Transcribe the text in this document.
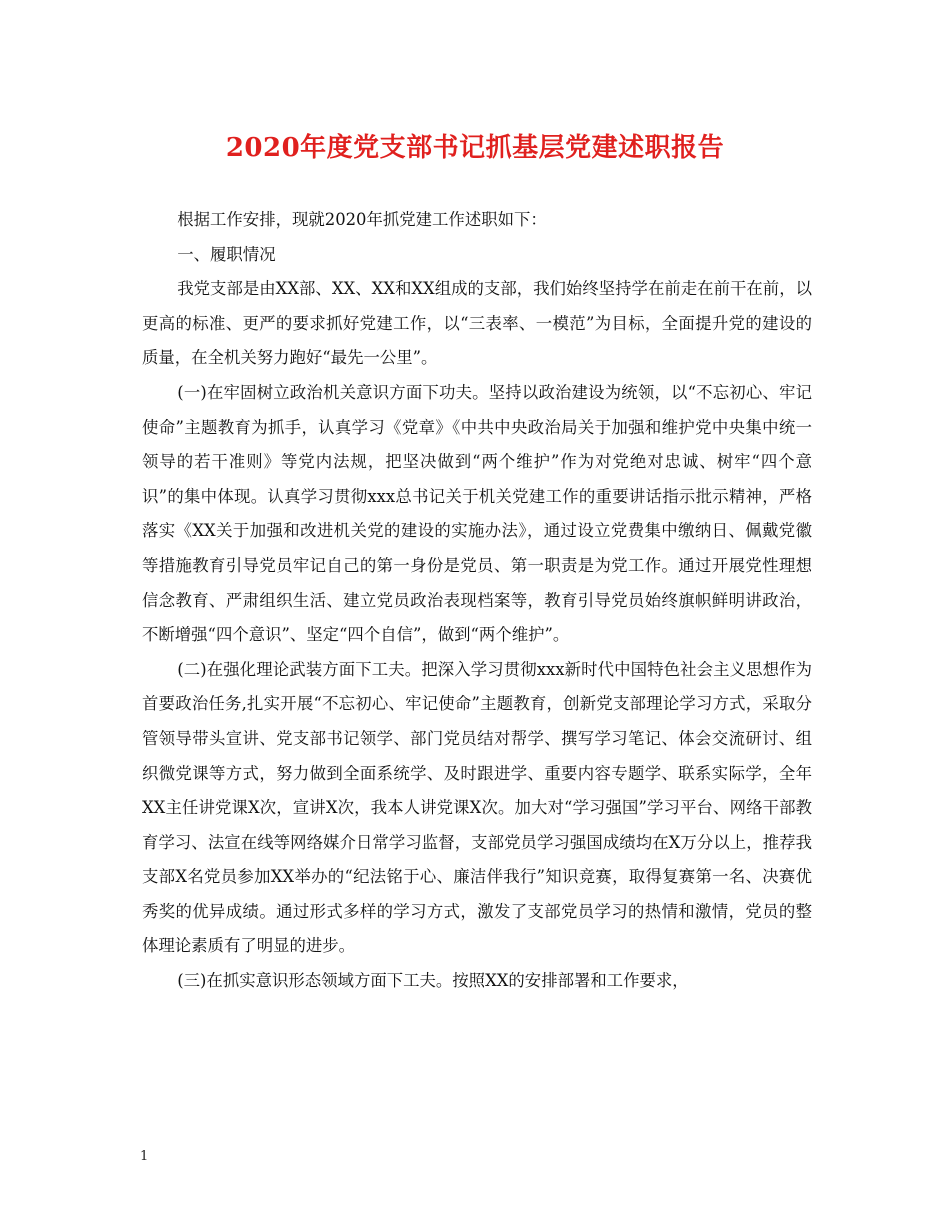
2020年度党支部书记抓基层党建述职报告

根据工作安排，现就2020年抓党建工作述职如下：

一、履职情况

我党支部是由XX部、XX、XX和XX组成的支部，我们始终坚持学在前走在前干在前，以更高的标准、更严的要求抓好党建工作，以“三表率、一模范”为目标，全面提升党的建设的质量，在全机关努力跑好“最先一公里”。

(一)在牢固树立政治机关意识方面下功夫。坚持以政治建设为统领，以“不忘初心、牢记使命”主题教育为抓手，认真学习《党章》《中共中央政治局关于加强和维护党中央集中统一领导的若干准则》等党内法规，把坚决做到“两个维护”作为对党绝对忠诚、树牢“四个意识”的集中体现。认真学习贯彻xxx总书记关于机关党建工作的重要讲话指示批示精神，严格落实《XX关于加强和改进机关党的建设的实施办法》，通过设立党费集中缴纳日、佩戴党徽等措施教育引导党员牢记自己的第一身份是党员、第一职责是为党工作。通过开展党性理想信念教育、严肃组织生活、建立党员政治表现档案等，教育引导党员始终旗帜鲜明讲政治，不断增强“四个意识”、坚定“四个自信”，做到“两个维护”。

(二)在强化理论武装方面下工夫。把深入学习贯彻xxx新时代中国特色社会主义思想作为首要政治任务,扎实开展“不忘初心、牢记使命”主题教育，创新党支部理论学习方式，采取分管领导带头宣讲、党支部书记领学、部门党员结对帮学、撰写学习笔记、体会交流研讨、组织微党课等方式，努力做到全面系统学、及时跟进学、重要内容专题学、联系实际学，全年XX主任讲党课X次，宣讲X次，我本人讲党课X次。加大对“学习强国”学习平台、网络干部教育学习、法宣在线等网络媒介日常学习监督，支部党员学习强国成绩均在X万分以上，推荐我支部X名党员参加XX举办的“纪法铭于心、廉洁伴我行”知识竞赛，取得复赛第一名、决赛优秀奖的优异成绩。通过形式多样的学习方式，激发了支部党员学习的热情和激情，党员的整体理论素质有了明显的进步。

(三)在抓实意识形态领域方面下工夫。按照XX的安排部署和工作要求，

1
